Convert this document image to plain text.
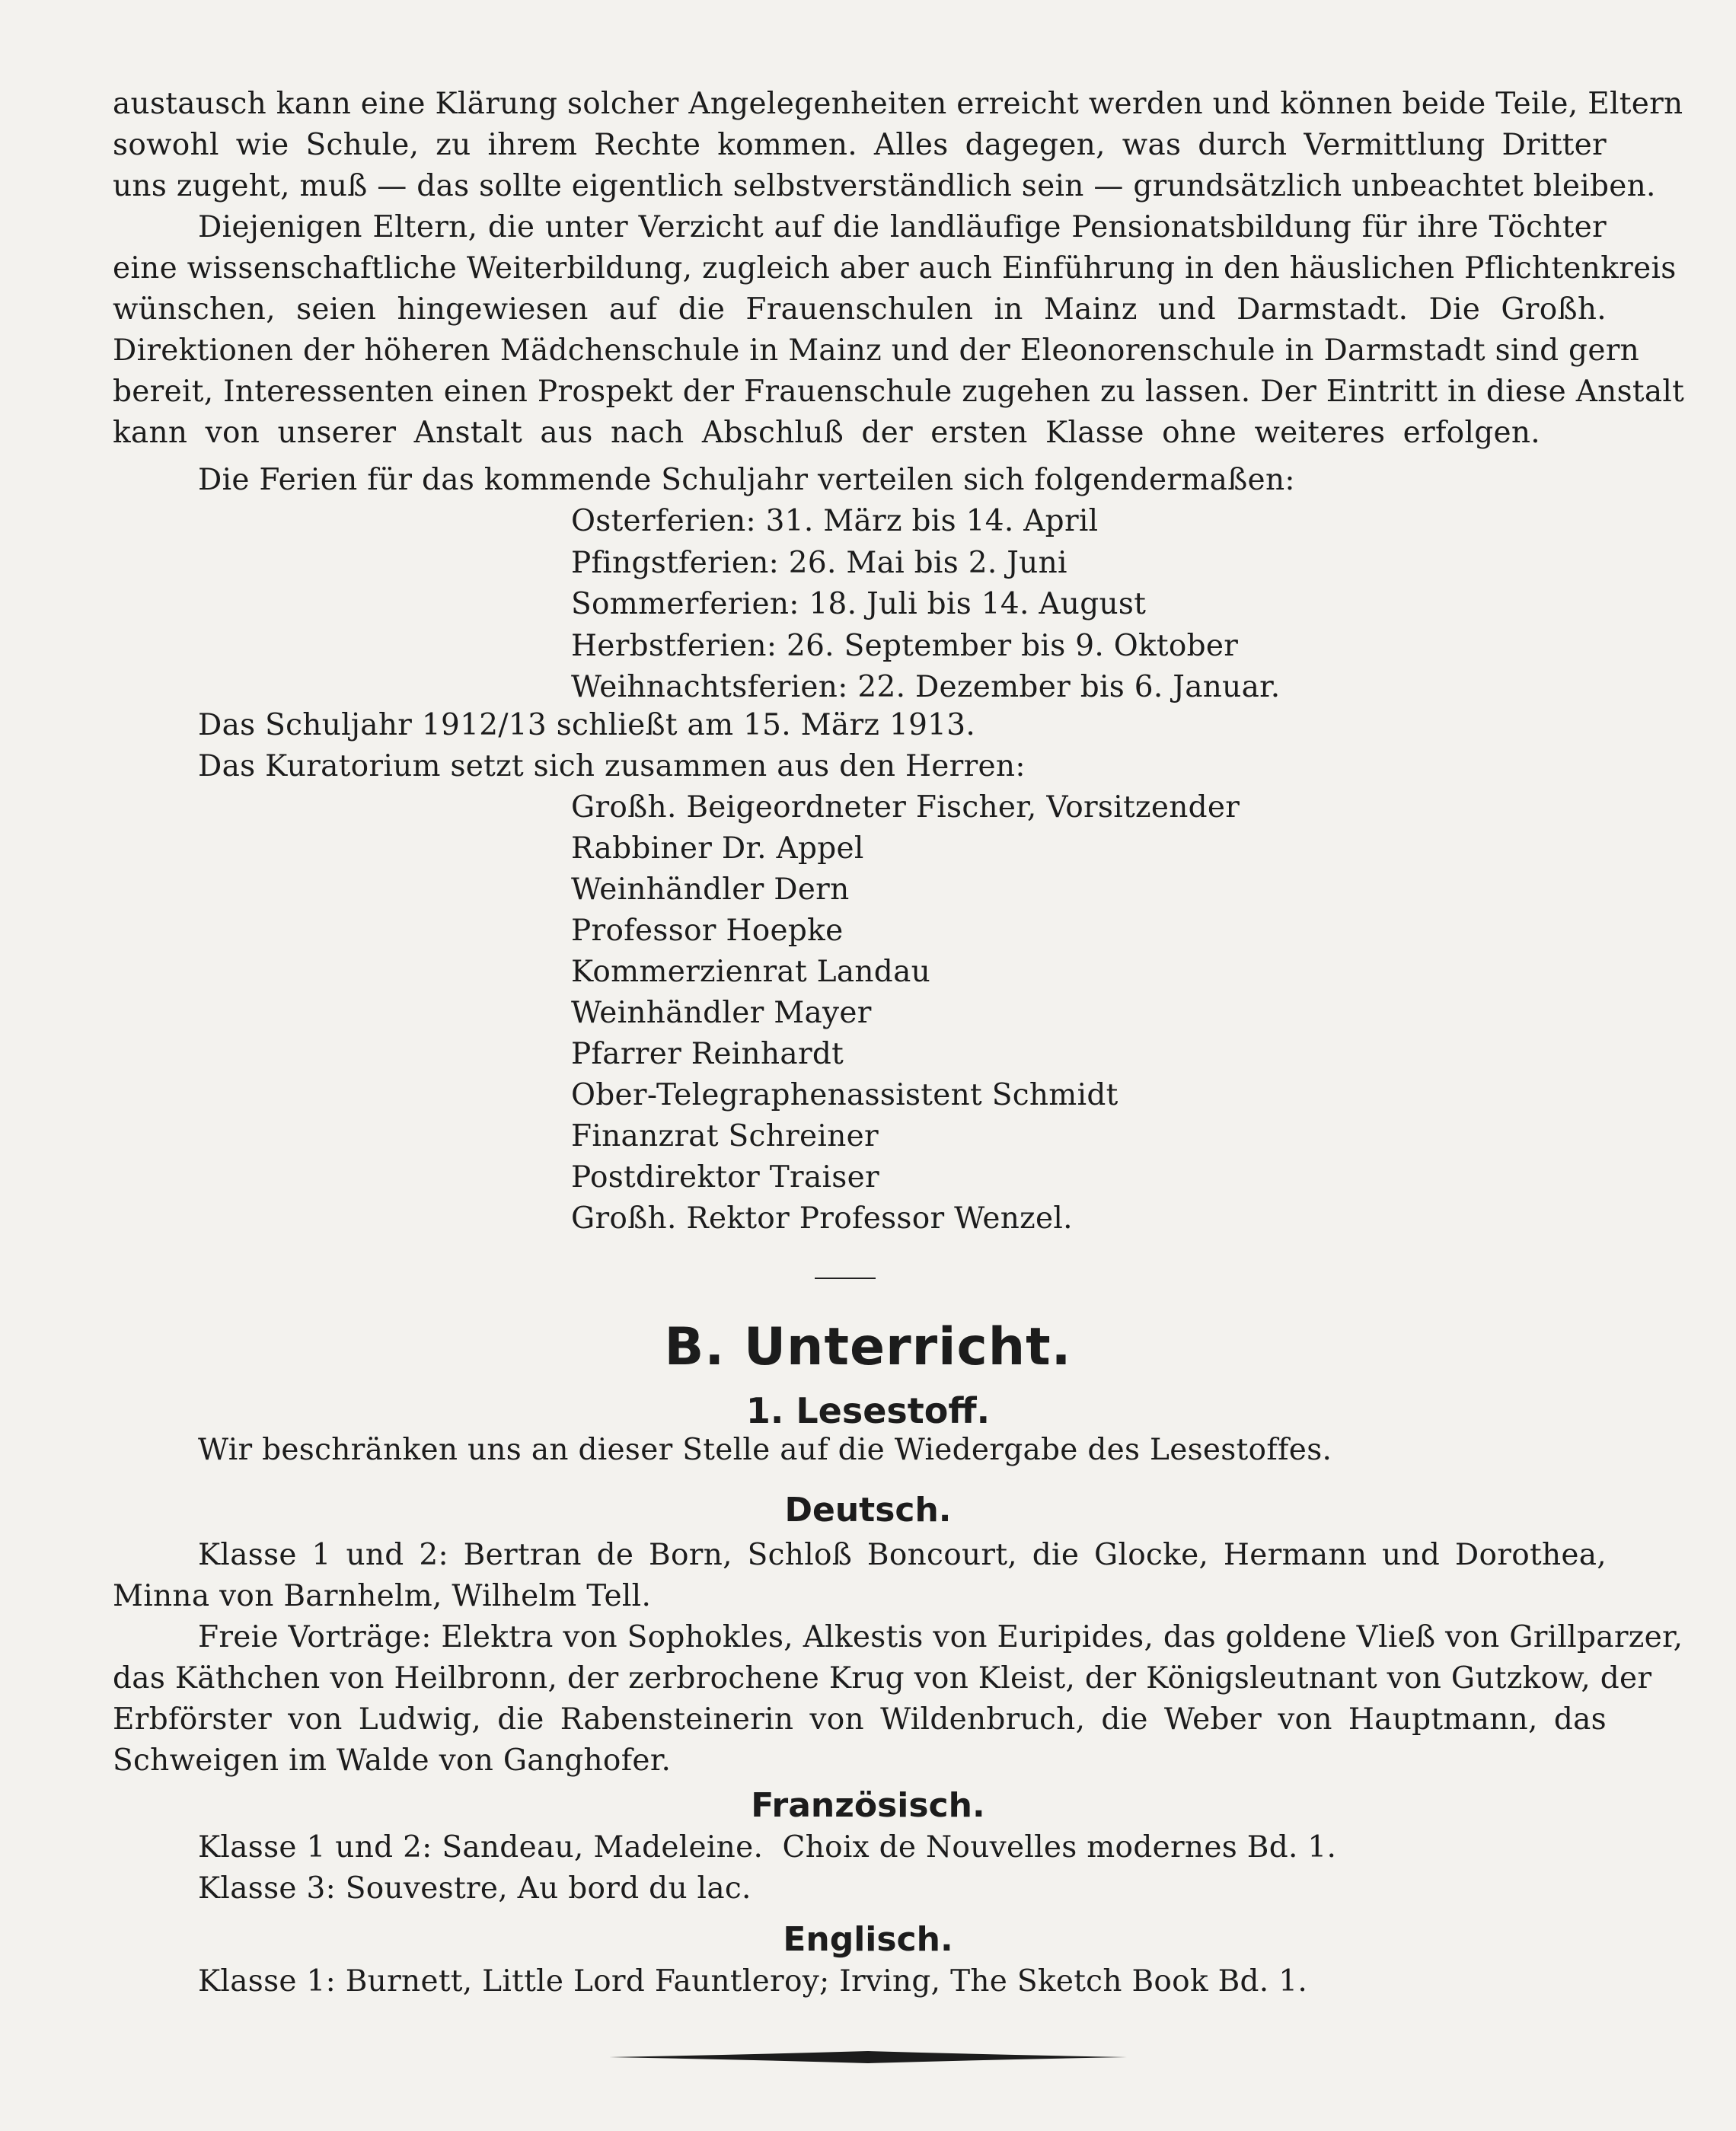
austausch kann eine Klärung solcher Angelegenheiten erreicht werden und können beide Teile, Eltern
sowohl wie Schule, zu ihrem Rechte kommen. Alles dagegen, was durch Vermittlung Dritter
uns zugeht, muß — das sollte eigentlich selbstverständlich sein — grundsätzlich unbeachtet bleiben.
Diejenigen Eltern, die unter Verzicht auf die landläufige Pensionatsbildung für ihre Töchter
eine wissenschaftliche Weiterbildung, zugleich aber auch Einführung in den häuslichen Pflichtenkreis
wünschen, seien hingewiesen auf die Frauenschulen in Mainz und Darmstadt. Die Großh.
Direktionen der höheren Mädchenschule in Mainz und der Eleonorenschule in Darmstadt sind gern
bereit, Interessenten einen Prospekt der Frauenschule zugehen zu lassen. Der Eintritt in diese Anstalt
kann von unserer Anstalt aus nach Abschluß der ersten Klasse ohne weiteres erfolgen.
Die Ferien für das kommende Schuljahr verteilen sich folgendermaßen:
Osterferien: 31. März bis 14. April
Pfingstferien: 26. Mai bis 2. Juni
Sommerferien: 18. Juli bis 14. August
Herbstferien: 26. September bis 9. Oktober
Weihnachtsferien: 22. Dezember bis 6. Januar.
Das Schuljahr 1912/13 schließt am 15. März 1913.
Das Kuratorium setzt sich zusammen aus den Herren:
Großh. Beigeordneter Fischer, Vorsitzender
Rabbiner Dr. Appel
Weinhändler Dern
Professor Hoepke
Kommerzienrat Landau
Weinhändler Mayer
Pfarrer Reinhardt
Ober-Telegraphenassistent Schmidt
Finanzrat Schreiner
Postdirektor Traiser
Großh. Rektor Professor Wenzel.
B. Unterricht.
1. Lesestoff.
Wir beschränken uns an dieser Stelle auf die Wiedergabe des Lesestoffes.
Deutsch.
Klasse 1 und 2: Bertran de Born, Schloß Boncourt, die Glocke, Hermann und Dorothea,
Minna von Barnhelm, Wilhelm Tell.
Freie Vorträge: Elektra von Sophokles, Alkestis von Euripides, das goldene Vließ von Grillparzer,
das Käthchen von Heilbronn, der zerbrochene Krug von Kleist, der Königsleutnant von Gutzkow, der
Erbförster von Ludwig, die Rabensteinerin von Wildenbruch, die Weber von Hauptmann, das
Schweigen im Walde von Ganghofer.
Französisch.
Klasse 1 und 2: Sandeau, Madeleine.  Choix de Nouvelles modernes Bd. 1.
Klasse 3: Souvestre, Au bord du lac.
Englisch.
Klasse 1: Burnett, Little Lord Fauntleroy; Irving, The Sketch Book Bd. 1.
